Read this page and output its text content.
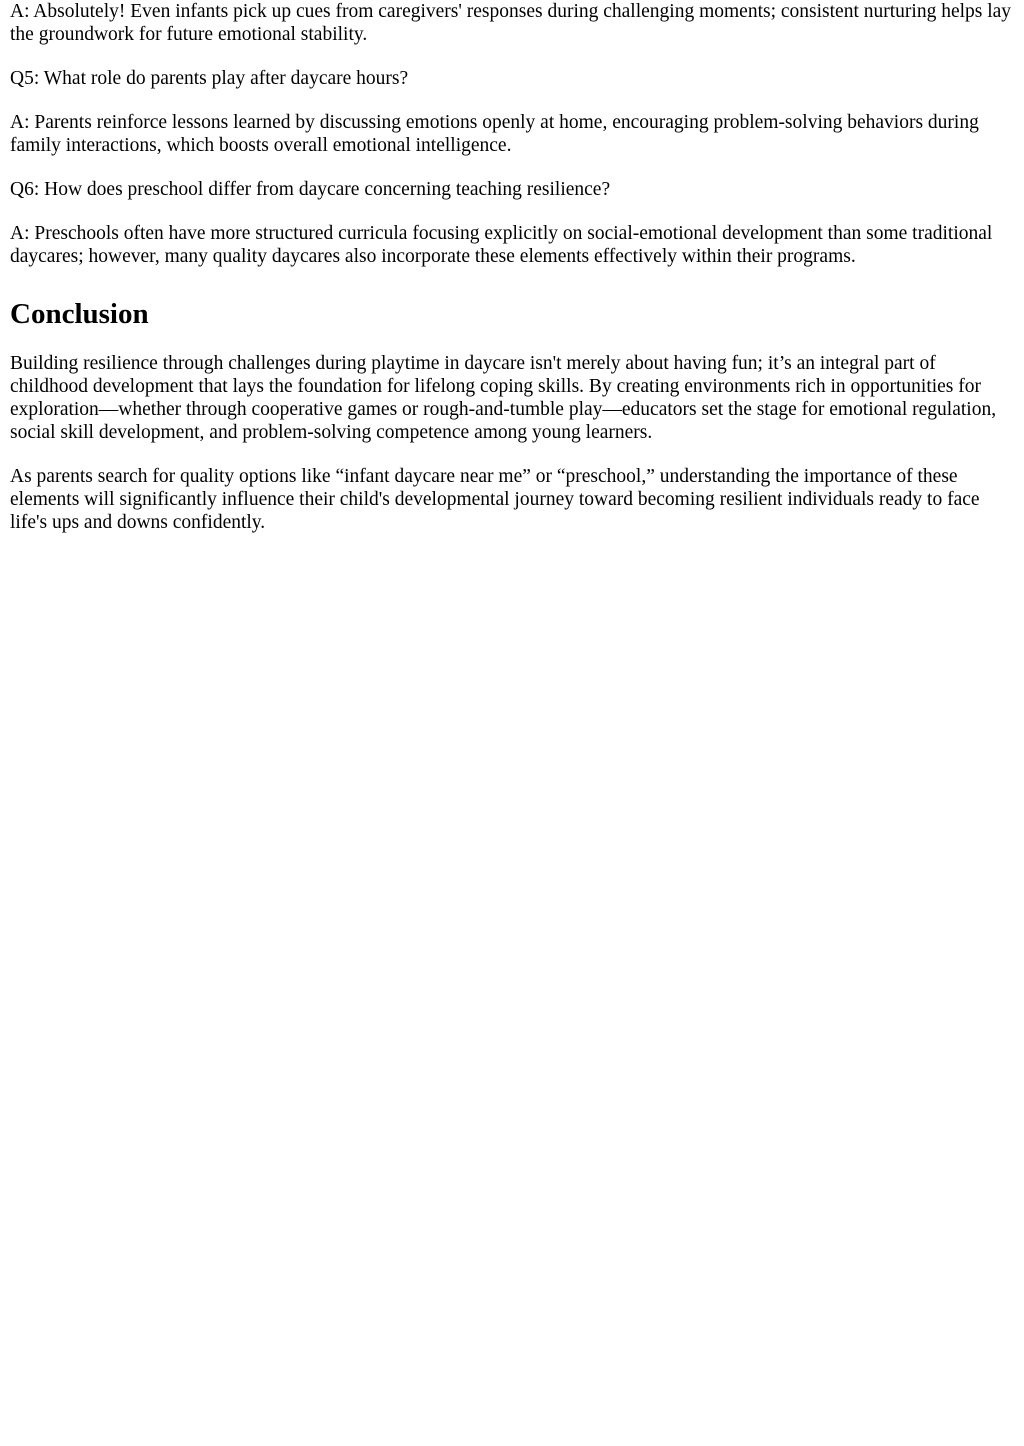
A: Absolutely! Even infants pick up cues from caregivers' responses during challenging moments; consistent nurturing helps lay the groundwork for future emotional stability.

Q5: What role do parents play after daycare hours?

A: Parents reinforce lessons learned by discussing emotions openly at home, encouraging problem-solving behaviors during family interactions, which boosts overall emotional intelligence.

Q6: How does preschool differ from daycare concerning teaching resilience?

A: Preschools often have more structured curricula focusing explicitly on social-emotional development than some traditional daycares; however, many quality daycares also incorporate these elements effectively within their programs.

Conclusion

Building resilience through challenges during playtime in daycare isn't merely about having fun; it’s an integral part of childhood development that lays the foundation for lifelong coping skills. By creating environments rich in opportunities for exploration—whether through cooperative games or rough-and-tumble play—educators set the stage for emotional regulation, social skill development, and problem-solving competence among young learners.

As parents search for quality options like “infant daycare near me” or “preschool,” understanding the importance of these elements will significantly influence their child's developmental journey toward becoming resilient individuals ready to face life's ups and downs confidently.
